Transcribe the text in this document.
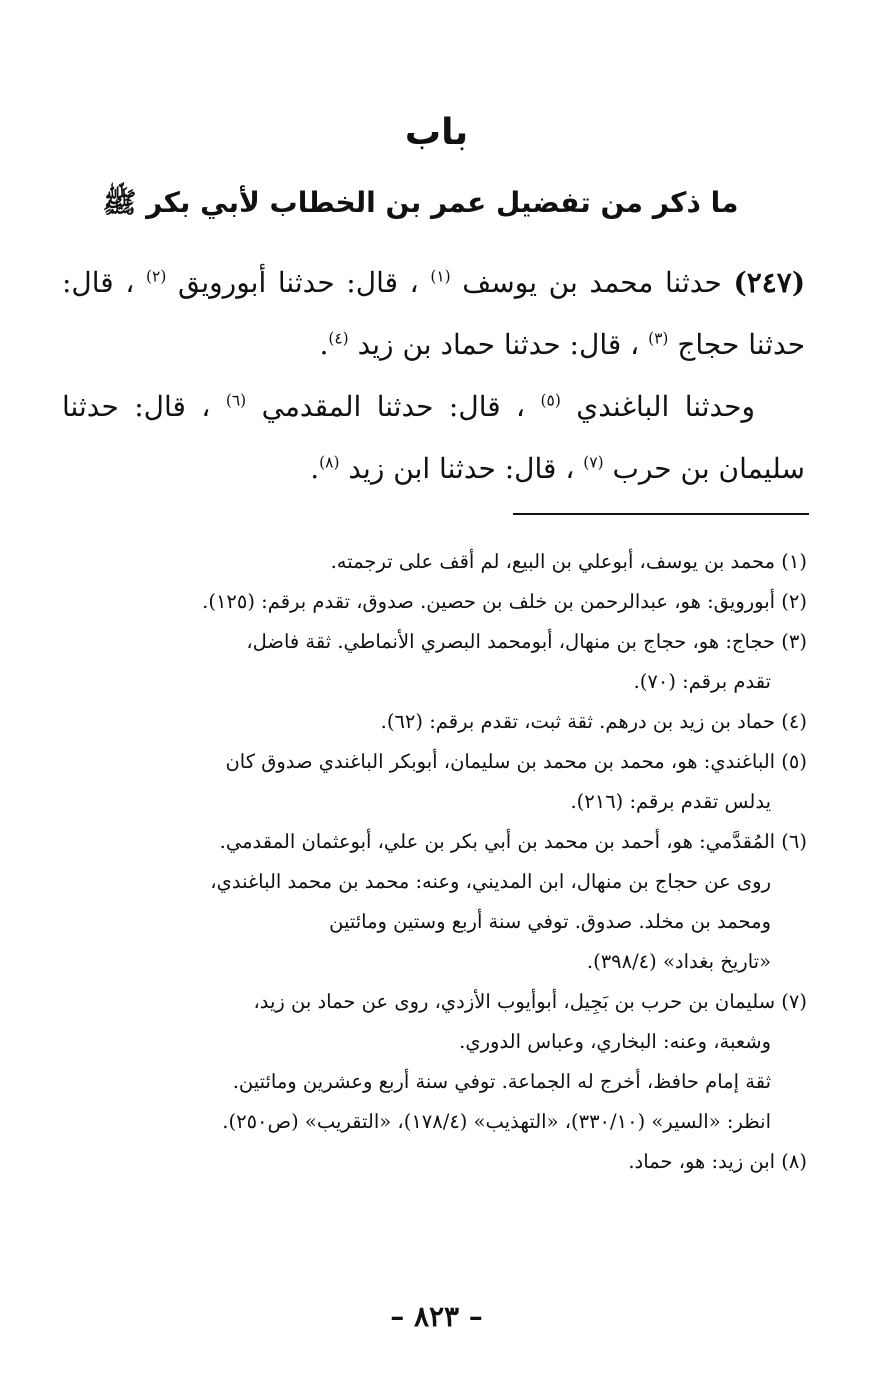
باب
ما ذكر من تفضيل عمر بن الخطاب لأبي بكر ﷺ

(٢٤٧) حدثنا محمد بن يوسف $^{(١)}$ ، قال: حدثنا أبورويق $^{(٢)}$ ، قال: حدثنا حجاج $^{(٣)}$ ، قال: حدثنا حماد بن زيد $^{(٤)}$.

وحدثنا الباغندي $^{(٥)}$ ، قال: حدثنا المقدمي $^{(٦)}$ ، قال: حدثنا سليمان بن حرب $^{(٧)}$ ، قال: حدثنا ابن زيد $^{(٨)}$.

(١) محمد بن يوسف، أبوعلي بن البيع، لم أقف على ترجمته.
(٢) أبورويق: هو، عبدالرحمن بن خلف بن حصين. صدوق، تقدم برقم: (١٢٥).
(٣) حجاج: هو، حجاج بن منهال، أبومحمد البصري الأنماطي. ثقة فاضل،
تقدم برقم: (٧٠).
(٤) حماد بن زيد بن درهم. ثقة ثبت، تقدم برقم: (٦٢).
(٥) الباغندي: هو، محمد بن محمد بن سليمان، أبوبكر الباغندي صدوق كان
يدلس تقدم برقم: (٢١٦).
(٦) المُقدَّمي: هو، أحمد بن محمد بن أبي بكر بن علي، أبوعثمان المقدمي.
روى عن حجاج بن منهال، ابن المديني، وعنه: محمد بن محمد الباغندي،
ومحمد بن مخلد. صدوق. توفي سنة أربع وستين ومائتين
«تاريخ بغداد» (٣٩٨/٤).
(٧) سليمان بن حرب بن بَجِيل، أبوأيوب الأزدي، روى عن حماد بن زيد،
وشعبة، وعنه: البخاري، وعباس الدوري.
ثقة إمام حافظ، أخرج له الجماعة. توفي سنة أربع وعشرين ومائتين.
انظر: «السير» (٣٣٠/١٠)، «التهذيب» (١٧٨/٤)، «التقريب» (ص٢٥٠).
(٨) ابن زيد: هو، حماد.

– ٨٢٣ –
